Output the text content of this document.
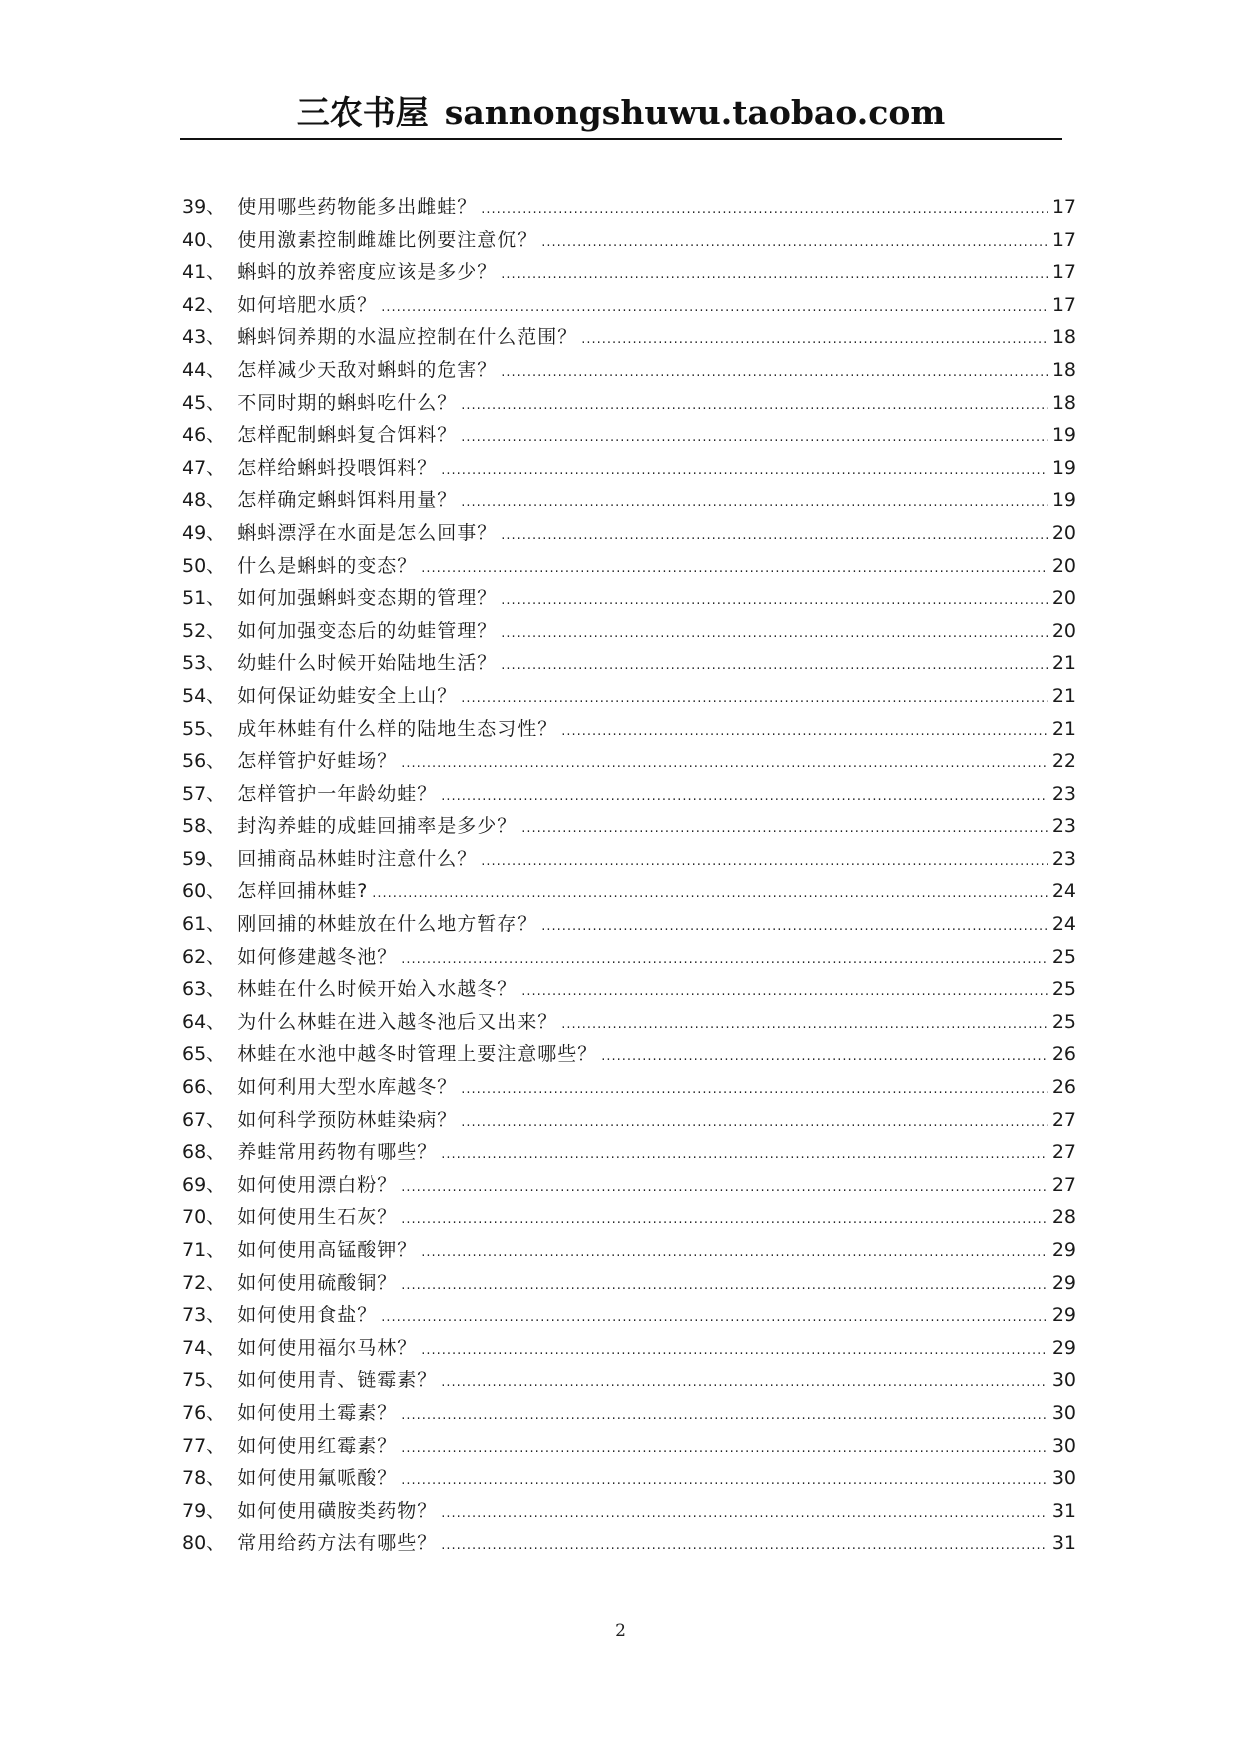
三农书屋 sannongshuwu.taobao.com
39、 使用哪些药物能多出雌蛙？ .....	17
40、 使用激素控制雌雄比例要注意伔？ .....	17
41、 蝌蚪的放养密度应该是多少？ .....	17
42、 如何培肥水质？ .....	17
43、 蝌蚪饲养期的水温应控制在什么范围？ .....	18
44、 怎样减少天敌对蝌蚪的危害？ .....	18
45、 不同时期的蝌蚪吃什么？ .....	18
46、 怎样配制蝌蚪复合饵料？ .....	19
47、 怎样给蝌蚪投喂饵料？ .....	19
48、 怎样确定蝌蚪饵料用量？ .....	19
49、 蝌蚪漂浮在水面是怎么回事？ .....	20
50、 什么是蝌蚪的变态？ .....	20
51、 如何加强蝌蚪变态期的管理？ .....	20
52、 如何加强变态后的幼蛙管理？ .....	20
53、 幼蛙什么时候开始陆地生活？ .....	21
54、 如何保证幼蛙安全上山？ .....	21
55、 成年林蛙有什么样的陆地生态习性？ .....	21
56、 怎样管护好蛙场？ .....	22
57、 怎样管护一年龄幼蛙？ .....	23
58、 封沟养蛙的成蛙回捕率是多少？ .....	23
59、 回捕商品林蛙时注意什么？ .....	23
60、 怎样回捕林蛙? .....	24
61、 刚回捕的林蛙放在什么地方暂存？ .....	24
62、 如何修建越冬池？ .....	25
63、 林蛙在什么时候开始入水越冬？ .....	25
64、 为什么林蛙在进入越冬池后又出来？ .....	25
65、 林蛙在水池中越冬时管理上要注意哪些？ .....	26
66、 如何利用大型水库越冬？ .....	26
67、 如何科学预防林蛙染病？ .....	27
68、 养蛙常用药物有哪些？ .....	27
69、 如何使用漂白粉？ .....	27
70、 如何使用生石灰？ .....	28
71、 如何使用高锰酸钾？ .....	29
72、 如何使用硫酸铜？ .....	29
73、 如何使用食盐？ .....	29
74、 如何使用福尔马林？ .....	29
75、 如何使用青、链霉素？ .....	30
76、 如何使用土霉素？ .....	30
77、 如何使用红霉素？ .....	30
78、 如何使用氟哌酸？ .....	30
79、 如何使用磺胺类药物？ .....	31
80、 常用给药方法有哪些？ .....	31
2
